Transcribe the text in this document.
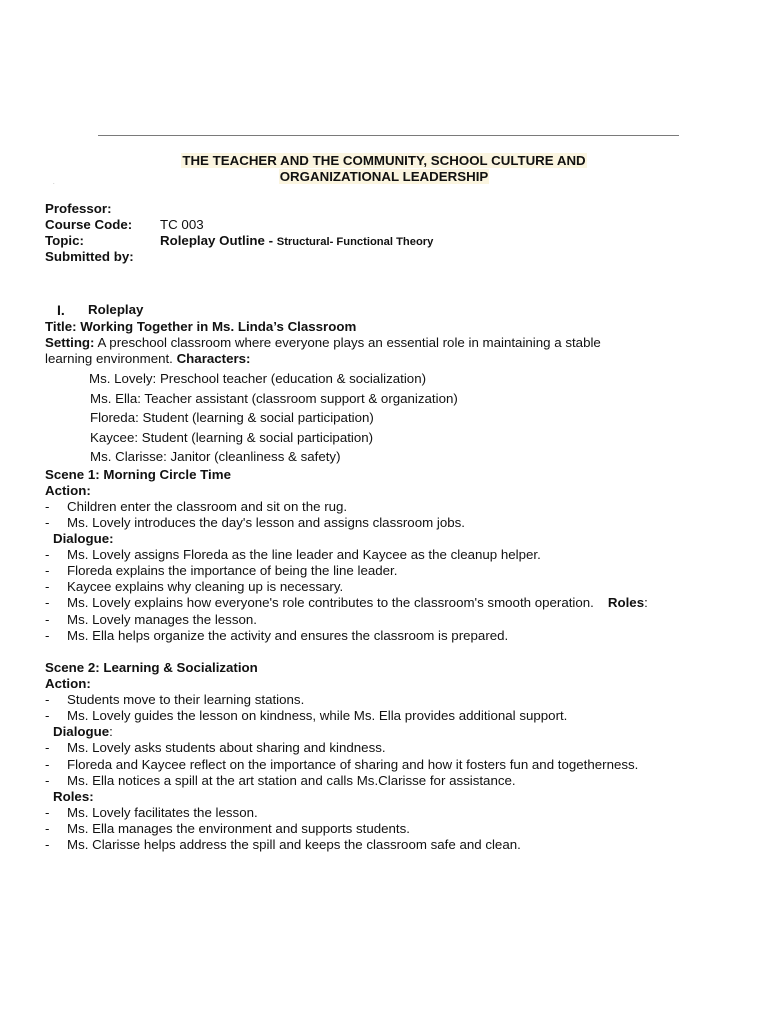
THE TEACHER AND THE COMMUNITY, SCHOOL CULTURE AND
ORGANIZATIONAL LEADERSHIP
.
Professor:
Course Code:	TC 003
Topic:	Roleplay Outline - Structural- Functional Theory
Submitted by:
I.	Roleplay
Title: Working Together in Ms. Linda’s Classroom
Setting: A preschool classroom where everyone plays an essential role in maintaining a stable
learning environment. Characters:
Ms. Lovely: Preschool teacher (education & socialization)
Ms. Ella: Teacher assistant (classroom support & organization)
Floreda: Student (learning & social participation)
Kaycee: Student (learning & social participation)
Ms. Clarisse: Janitor (cleanliness & safety)
Scene 1: Morning Circle Time
Action:
-	Children enter the classroom and sit on the rug.
-	Ms. Lovely introduces the day's lesson and assigns classroom jobs.
Dialogue:
-	Ms. Lovely assigns Floreda as the line leader and Kaycee as the cleanup helper.
-	Floreda explains the importance of being the line leader.
-	Kaycee explains why cleaning up is necessary.
-	Ms. Lovely explains how everyone's role contributes to the classroom's smooth operation. Roles:
-	Ms. Lovely manages the lesson.
-	Ms. Ella helps organize the activity and ensures the classroom is prepared.
Scene 2: Learning & Socialization
Action:
-	Students move to their learning stations.
-	Ms. Lovely guides the lesson on kindness, while Ms. Ella provides additional support.
Dialogue:
-	Ms. Lovely asks students about sharing and kindness.
-	Floreda and Kaycee reflect on the importance of sharing and how it fosters fun and togetherness.
-	Ms. Ella notices a spill at the art station and calls Ms.Clarisse for assistance.
Roles:
-	Ms. Lovely facilitates the lesson.
-	Ms. Ella manages the environment and supports students.
-	Ms. Clarisse helps address the spill and keeps the classroom safe and clean.
